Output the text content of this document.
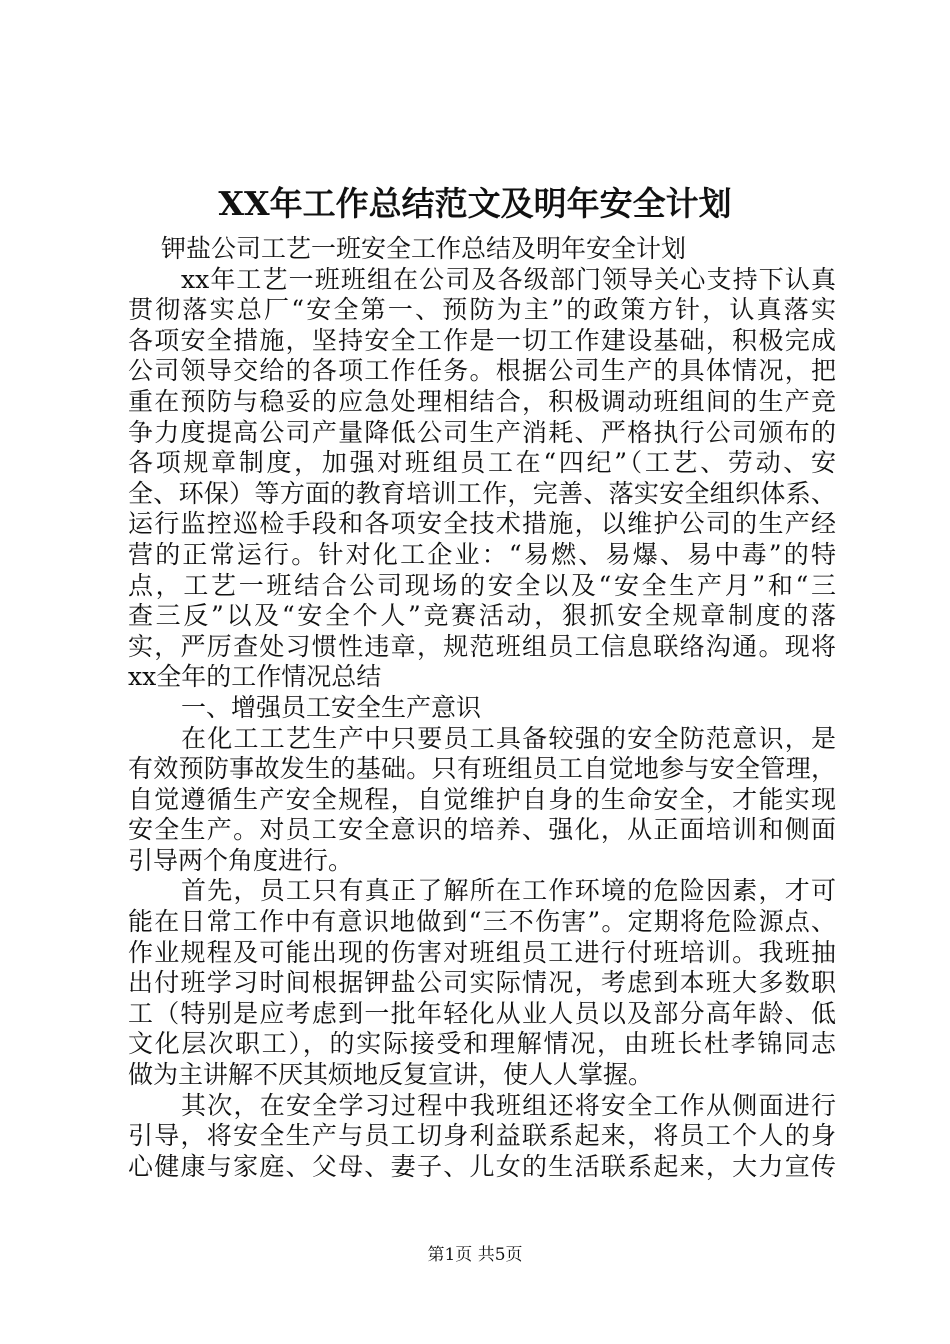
XX年工作总结范文及明年安全计划
钾盐公司工艺一班安全工作总结及明年安全计划
xx年工艺一班班组在公司及各级部门领导关心支持下认真
贯彻落实总厂“安全第一、预防为主”的政策方针，认真落实
各项安全措施，坚持安全工作是一切工作建设基础，积极完成
公司领导交给的各项工作任务。根据公司生产的具体情况，把
重在预防与稳妥的应急处理相结合，积极调动班组间的生产竞
争力度提高公司产量降低公司生产消耗、严格执行公司颁布的
各项规章制度，加强对班组员工在“四纪”（工艺、劳动、安
全、环保）等方面的教育培训工作，完善、落实安全组织体系、
运行监控巡检手段和各项安全技术措施，以维护公司的生产经
营的正常运行。针对化工企业：“易燃、易爆、易中毒”的特
点，工艺一班结合公司现场的安全以及“安全生产月”和“三
查三反”以及“安全个人”竞赛活动，狠抓安全规章制度的落
实，严厉查处习惯性违章，规范班组员工信息联络沟通。现将
xx全年的工作情况总结
一、增强员工安全生产意识
在化工工艺生产中只要员工具备较强的安全防范意识，是
有效预防事故发生的基础。只有班组员工自觉地参与安全管理，
自觉遵循生产安全规程，自觉维护自身的生命安全，才能实现
安全生产。对员工安全意识的培养、强化，从正面培训和侧面
引导两个角度进行。
首先，员工只有真正了解所在工作环境的危险因素，才可
能在日常工作中有意识地做到“三不伤害”。定期将危险源点、
作业规程及可能出现的伤害对班组员工进行付班培训。我班抽
出付班学习时间根据钾盐公司实际情况，考虑到本班大多数职
工（特别是应考虑到一批年轻化从业人员以及部分高年龄、低
文化层次职工），的实际接受和理解情况，由班长杜孝锦同志
做为主讲解不厌其烦地反复宣讲，使人人掌握。
其次，在安全学习过程中我班组还将安全工作从侧面进行
引导，将安全生产与员工切身利益联系起来，将员工个人的身
心健康与家庭、父母、妻子、儿女的生活联系起来，大力宣传
第1页 共5页
